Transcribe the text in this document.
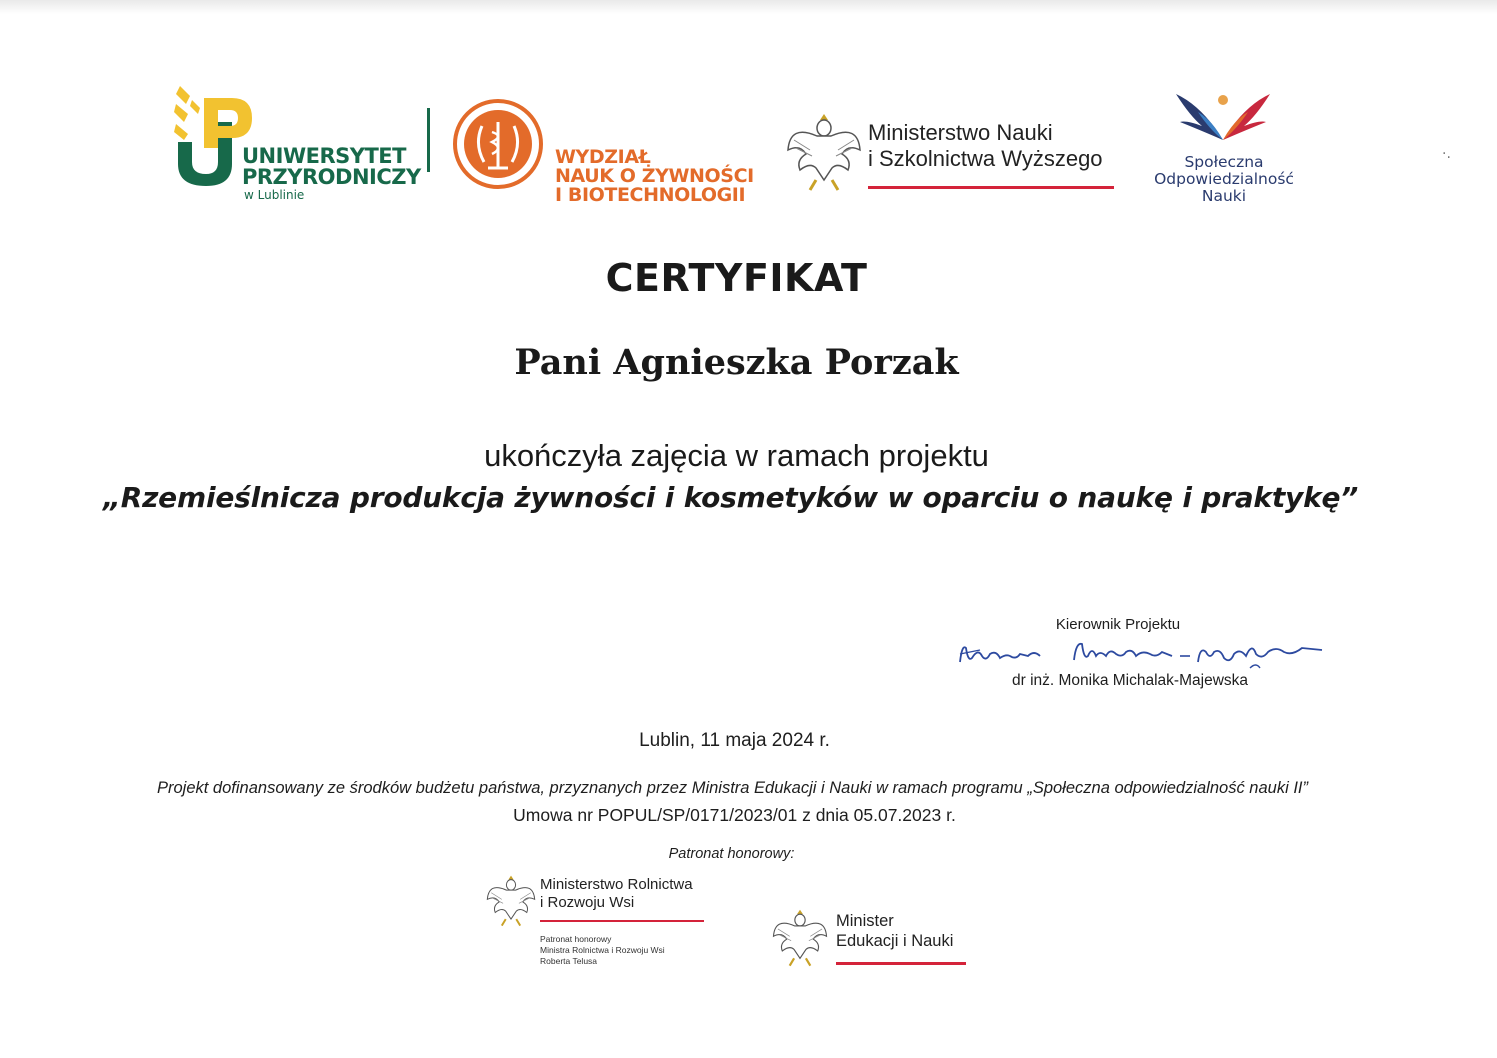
UNIWERSYTET
PRZYRODNICZY
w Lublinie
WYDZIAŁ
NAUK O ŻYWNOŚCI
I BIOTECHNOLOGII
Ministerstwo Nauki
i Szkolnictwa Wyższego	Społeczna
Odpowiedzialność
Nauki
·.
CERTYFIKAT
Pani Agnieszka Porzak
ukończyła zajęcia w ramach projektu
„Rzemieślnicza produkcja żywności i kosmetyków w oparciu o naukę i praktykę”
Kierownik Projektu
dr inż. Monika Michalak-Majewska
Lublin, 11 maja 2024 r.
Projekt dofinansowany ze środków budżetu państwa, przyznanych przez Ministra Edukacji i Nauki w ramach programu „Społeczna odpowiedzialność nauki II”
Umowa nr POPUL/SP/0171/2023/01 z dnia 05.07.2023 r.
Patronat honorowy:
Ministerstwo Rolnictwa
i Rozwoju Wsi
Patronat honorowy
Ministra Rolnictwa i Rozwoju Wsi
Roberta Telusa
Minister
Edukacji i Nauki
